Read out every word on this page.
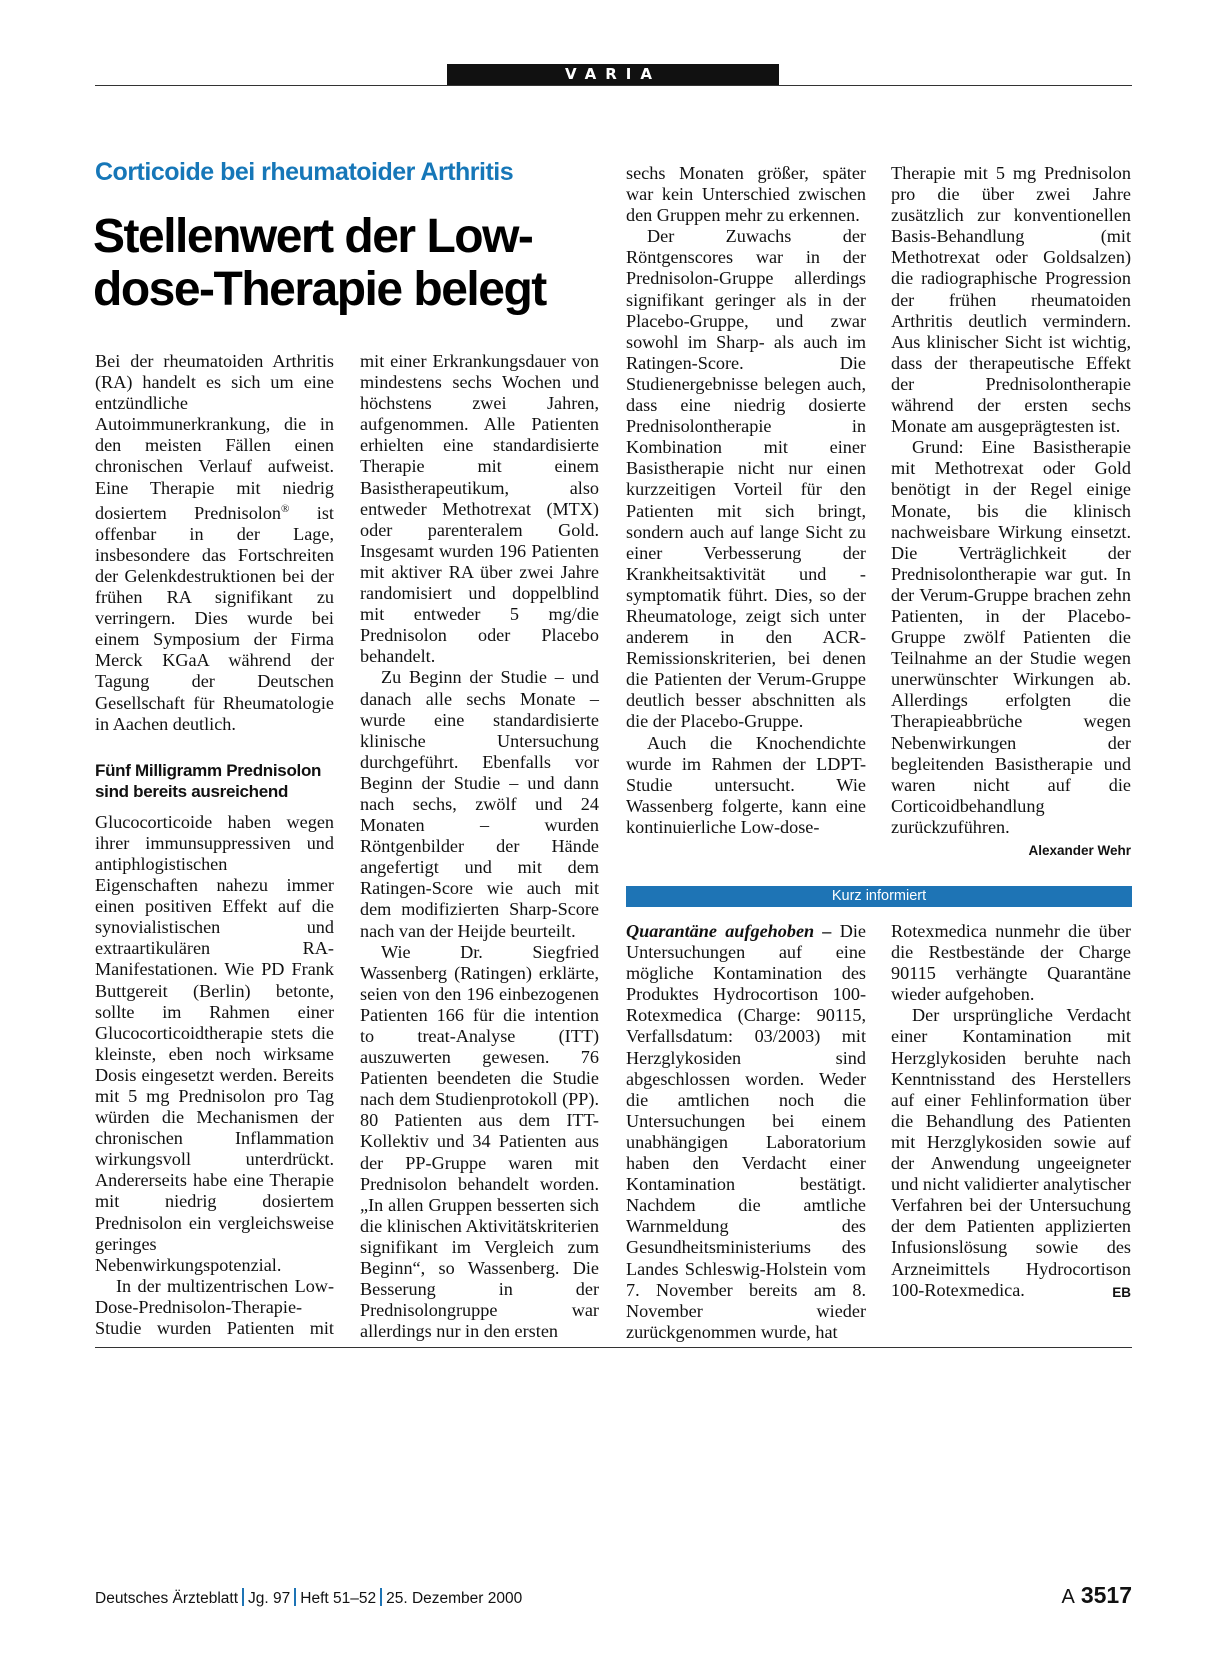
VARIA
Corticoide bei rheumatoider Arthritis
Stellenwert der Low-
dose-Therapie belegt

Bei der rheumatoiden Arthritis (RA) handelt es sich um eine entzündliche Autoimmunerkrankung, die in den meisten Fällen einen chronischen Verlauf aufweist. Eine Therapie mit niedrig dosiertem Prednisolon® ist offenbar in der Lage, insbesondere das Fortschreiten der Gelenkdestruktionen bei der frühen RA signifikant zu verringern. Dies wurde bei einem Symposium der Firma Merck KGaA während der Tagung der Deutschen Gesellschaft für Rheumatologie in Aachen deutlich.

Fünf Milligramm Prednisolon
sind bereits ausreichend

Glucocorticoide haben wegen ihrer immunsuppressiven und antiphlogistischen Eigenschaften nahezu immer einen positiven Effekt auf die synovialistischen und extraartikulären RA-Manifestationen. Wie PD Frank Buttgereit (Berlin) betonte, sollte im Rahmen einer Glucocorticoidtherapie stets die kleinste, eben noch wirksame Dosis eingesetzt werden. Bereits mit 5 mg Prednisolon pro Tag würden die Mechanismen der chronischen Inflammation wirkungsvoll unterdrückt. Andererseits habe eine Therapie mit niedrig dosiertem Prednisolon ein vergleichsweise geringes Nebenwirkungspotenzial.

In der multizentrischen Low-Dose-Prednisolon-Therapie-Studie wurden Patienten mit

mit einer Erkrankungsdauer von mindestens sechs Wochen und höchstens zwei Jahren, aufgenommen. Alle Patienten erhielten eine standardisierte Therapie mit einem Basistherapeutikum, also entweder Methotrexat (MTX) oder parenteralem Gold. Insgesamt wurden 196 Patienten mit aktiver RA über zwei Jahre randomisiert und doppelblind mit entweder 5 mg/die Prednisolon oder Placebo behandelt.

Zu Beginn der Studie – und danach alle sechs Monate – wurde eine standardisierte klinische Untersuchung durchgeführt. Ebenfalls vor Beginn der Studie – und dann nach sechs, zwölf und 24 Monaten – wurden Röntgenbilder der Hände angefertigt und mit dem Ratingen-Score wie auch mit dem modifizierten Sharp-Score nach van der Heijde beurteilt.

Wie Dr. Siegfried Wassenberg (Ratingen) erklärte, seien von den 196 einbezogenen Patienten 166 für die intention to treat-Analyse (ITT) auszuwerten gewesen. 76 Patienten beendeten die Studie nach dem Studienprotokoll (PP). 80 Patienten aus dem ITT-Kollektiv und 34 Patienten aus der PP-Gruppe waren mit Prednisolon behandelt worden. „In allen Gruppen besserten sich die klinischen Aktivitätskriterien signifikant im Vergleich zum Beginn“, so Wassenberg. Die Besserung in der Prednisolongruppe war allerdings nur in den ersten

sechs Monaten größer, später war kein Unterschied zwischen den Gruppen mehr zu erkennen.

Der Zuwachs der Röntgenscores war in der Prednisolon-Gruppe allerdings signifikant geringer als in der Placebo-Gruppe, und zwar sowohl im Sharp- als auch im Ratingen-Score. Die Studienergebnisse belegen auch, dass eine niedrig dosierte Prednisolontherapie in Kombination mit einer Basistherapie nicht nur einen kurzzeitigen Vorteil für den Patienten mit sich bringt, sondern auch auf lange Sicht zu einer Verbesserung der Krankheitsaktivität und -symptomatik führt. Dies, so der Rheumatologe, zeigt sich unter anderem in den ACR-Remissionskriterien, bei denen die Patienten der Verum-Gruppe deutlich besser abschnitten als die der Placebo-Gruppe.

Auch die Knochendichte wurde im Rahmen der LDPT-Studie untersucht. Wie Wassenberg folgerte, kann eine kontinuierliche Low-dose-

Therapie mit 5 mg Prednisolon pro die über zwei Jahre zusätzlich zur konventionellen Basis-Behandlung (mit Methotrexat oder Goldsalzen) die radiographische Progression der frühen rheumatoiden Arthritis deutlich vermindern. Aus klinischer Sicht ist wichtig, dass der therapeutische Effekt der Prednisolontherapie während der ersten sechs Monate am ausgeprägtesten ist.

Grund: Eine Basistherapie mit Methotrexat oder Gold benötigt in der Regel einige Monate, bis die klinisch nachweisbare Wirkung einsetzt. Die Verträglichkeit der Prednisolontherapie war gut. In der Verum-Gruppe brachen zehn Patienten, in der Placebo-Gruppe zwölf Patienten die Teilnahme an der Studie wegen unerwünschter Wirkungen ab. Allerdings erfolgten die Therapieabbrüche wegen Nebenwirkungen der begleitenden Basistherapie und waren nicht auf die Corticoidbehandlung zurückzuführen.
Alexander Wehr

Kurz informiert

Quarantäne aufgehoben – Die Untersuchungen auf eine mögliche Kontamination des Produktes Hydrocortison 100-Rotexmedica (Charge: 90115, Verfallsdatum: 03/2003) mit Herzglykosiden sind abgeschlossen worden. Weder die amtlichen noch die Untersuchungen bei einem unabhängigen Laboratorium haben den Verdacht einer Kontamination bestätigt. Nachdem die amtliche Warnmeldung des Gesundheitsministeriums des Landes Schleswig-Holstein vom 7. November bereits am 8. November wieder zurückgenommen wurde, hat

Rotexmedica nunmehr die über die Restbestände der Charge 90115 verhängte Quarantäne wieder aufgehoben.

Der ursprüngliche Verdacht einer Kontamination mit Herzglykosiden beruhte nach Kenntnisstand des Herstellers auf einer Fehlinformation über die Behandlung des Patienten mit Herzglykosiden sowie auf der Anwendung ungeeigneter und nicht validierter analytischer Verfahren bei der Untersuchung der dem Patienten applizierten Infusionslösung sowie des Arzneimittels Hydrocortison 100-Rotexmedica.	EB

Deutsches Ärzteblatt Jg. 97 Heft 51–52 25. Dezember 2000	A 3517
